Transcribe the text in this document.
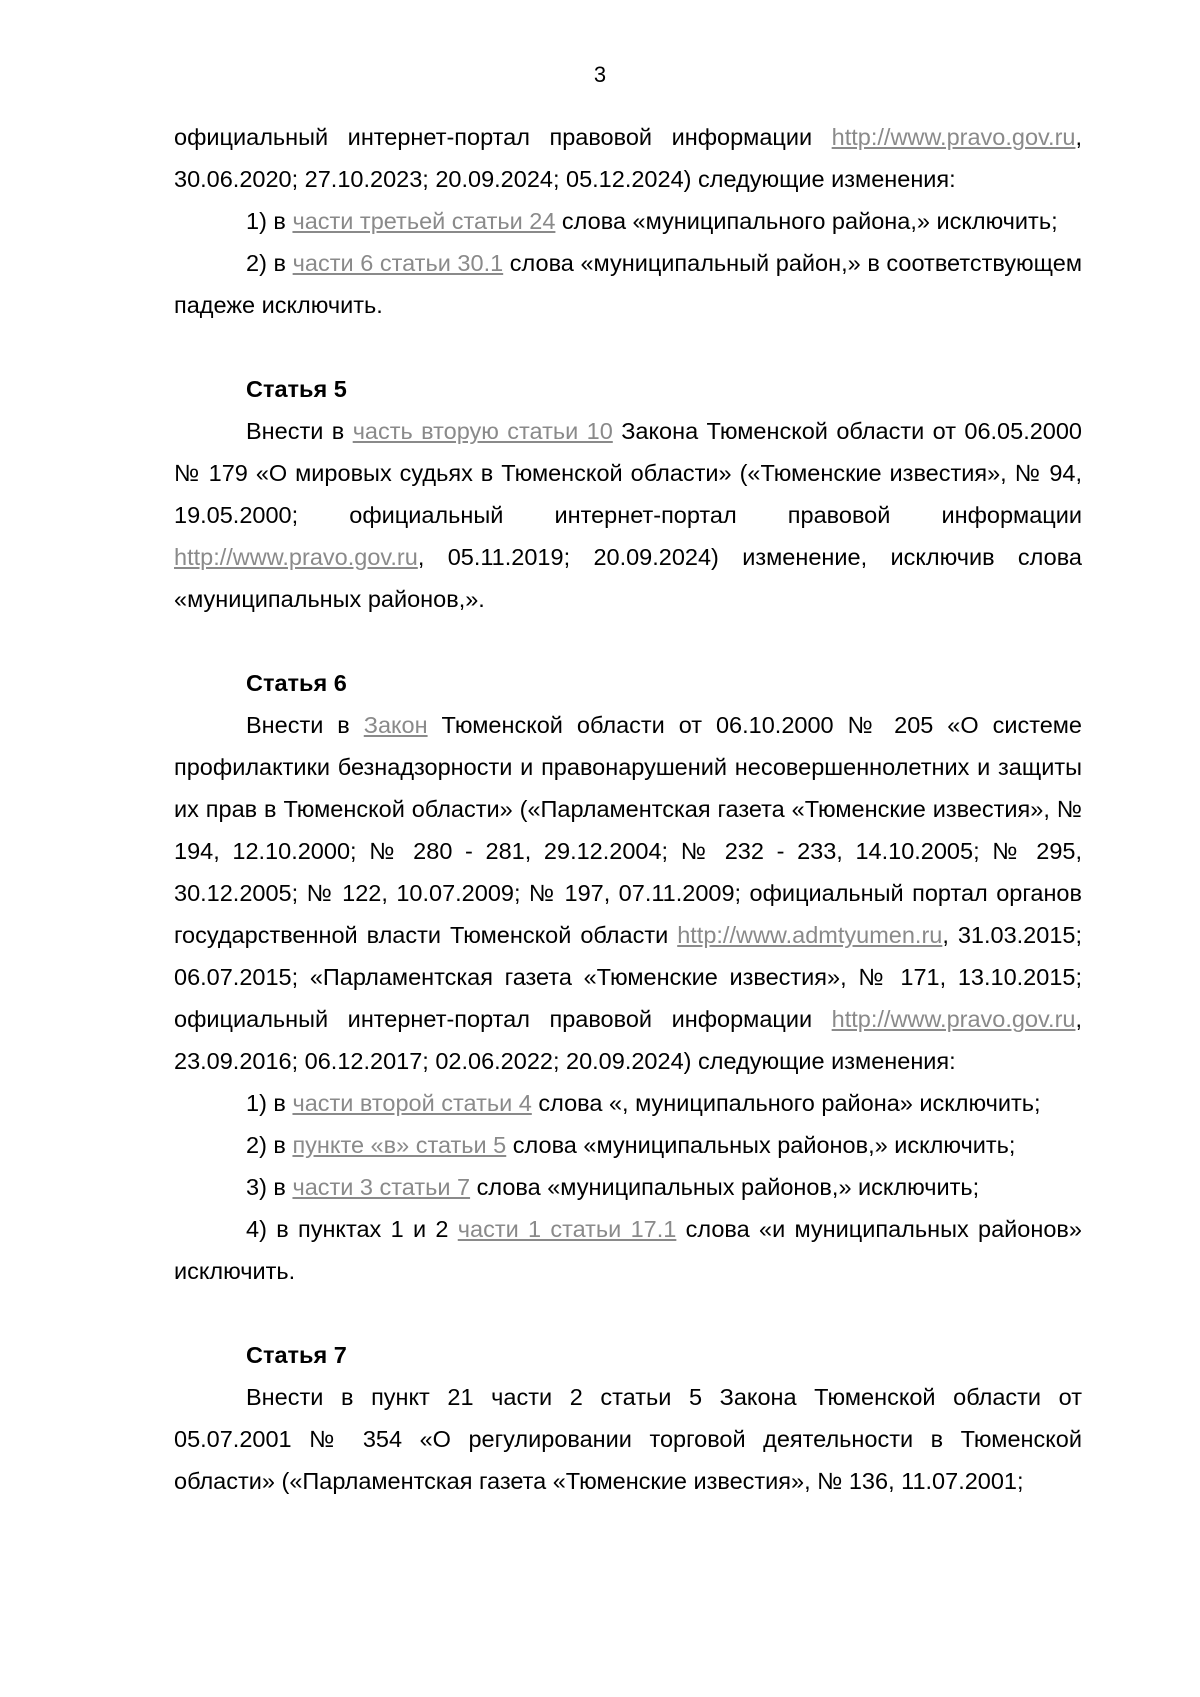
3

официальный интернет-портал правовой информации http://www.pravo.gov.ru, 30.06.2020; 27.10.2023; 20.09.2024; 05.12.2024) следующие изменения:

1) в части третьей статьи 24 слова «муниципального района,» исключить;

2) в части 6 статьи 30.1 слова «муниципальный район,» в соответствующем падеже исключить.

Статья 5

Внести в часть вторую статьи 10 Закона Тюменской области от 06.05.2000 № 179 «О мировых судьях в Тюменской области» («Тюменские известия», № 94, 19.05.2000; официальный интернет-портал правовой информации http://www.pravo.gov.ru, 05.11.2019; 20.09.2024) изменение, исключив слова «муниципальных районов,».

Статья 6

Внести в Закон Тюменской области от 06.10.2000 № 205 «О системе профилактики безнадзорности и правонарушений несовершеннолетних и защиты их прав в Тюменской области» («Парламентская газета «Тюменские известия», № 194, 12.10.2000; № 280 - 281, 29.12.2004; № 232 - 233, 14.10.2005; № 295, 30.12.2005; № 122, 10.07.2009; № 197, 07.11.2009; официальный портал органов государственной власти Тюменской области http://www.admtyumen.ru, 31.03.2015; 06.07.2015; «Парламентская газета «Тюменские известия», № 171, 13.10.2015; официальный интернет-портал правовой информации http://www.pravo.gov.ru, 23.09.2016; 06.12.2017; 02.06.2022; 20.09.2024) следующие изменения:

1) в части второй статьи 4 слова «, муниципального района» исключить;

2) в пункте «в» статьи 5 слова «муниципальных районов,» исключить;

3) в части 3 статьи 7 слова «муниципальных районов,» исключить;

4) в пунктах 1 и 2 части 1 статьи 17.1 слова «и муниципальных районов» исключить.

Статья 7

Внести в пункт 21 части 2 статьи 5 Закона Тюменской области от 05.07.2001 № 354 «О регулировании торговой деятельности в Тюменской области» («Парламентская газета «Тюменские известия», № 136, 11.07.2001;
